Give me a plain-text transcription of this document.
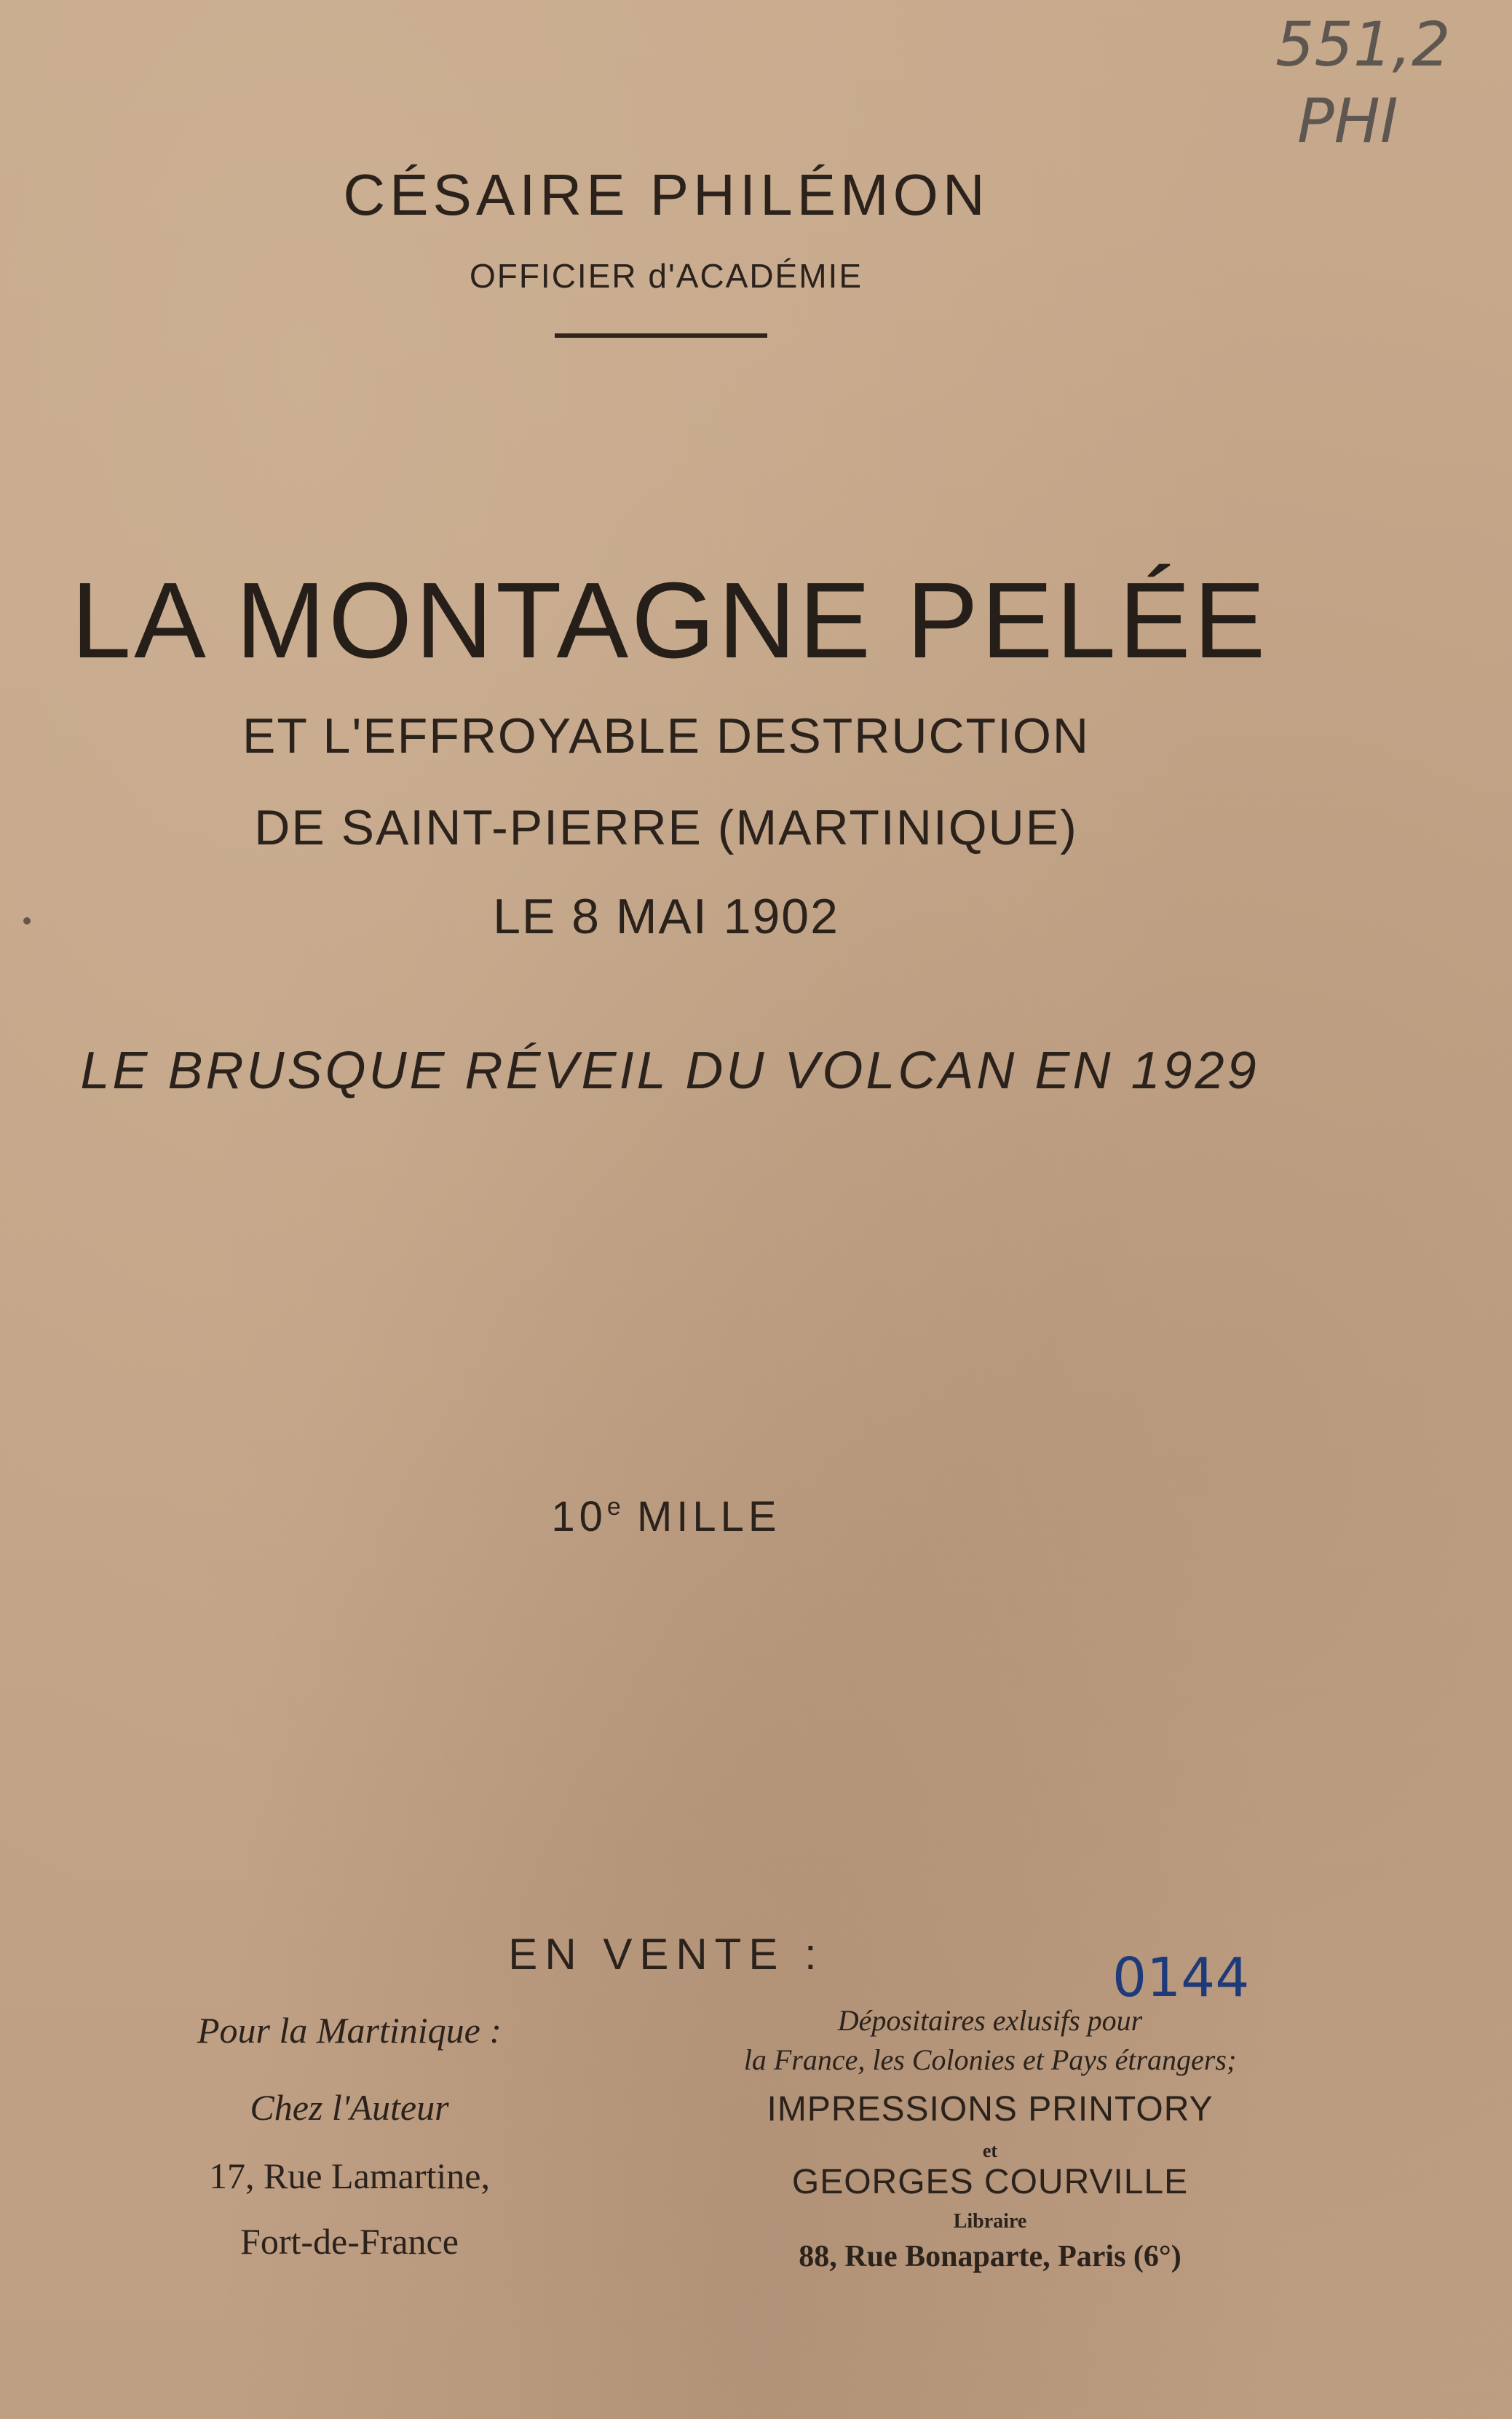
551,2
PHI
CÉSAIRE PHILÉMON
OFFICIER d'ACADÉMIE
LA MONTAGNE PELÉE
ET L'EFFROYABLE DESTRUCTION
DE SAINT-PIERRE (MARTINIQUE)
LE 8 MAI 1902
LE BRUSQUE RÉVEIL DU VOLCAN EN 1929
10e MILLE
EN VENTE :	0144
Pour la Martinique :
Chez l'Auteur
17, Rue Lamartine,
Fort-de-France
Dépositaires exlusifs pour
la France, les Colonies et Pays étrangers;
IMPRESSIONS PRINTORY
et
GEORGES COURVILLE
Libraire
88, Rue Bonaparte, Paris (6°)
